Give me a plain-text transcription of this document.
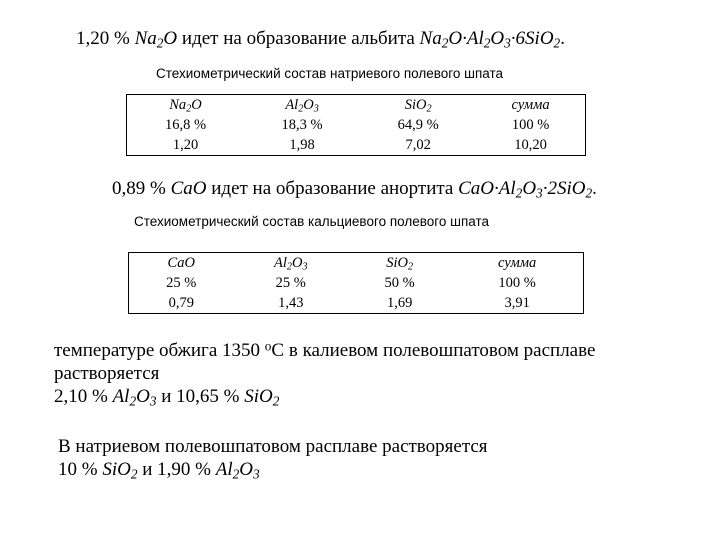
1,20 % $Na_2O$ идет на образование альбита $Na_2O\cdot Al_2O_3\cdot 6SiO_2$.
Стехиометрический состав натриевого полевого шпата
$Na_2O$	$Al_2O_3$	SiO$_2$	сумма
16,8 %	18,3 %	64,9 %	100 %
1,20	1,98	7,02	10,20
0,89 % CaO идет на образование анортита $CaO\cdot Al_2O_3\cdot 2SiO_2$.
Стехиометрический состав кальциевого полевого шпата
CaO	$Al_2O_3$	SiO$_2$	сумма
25 %	25 %	50 %	100 %
0,79	1,43	1,69	3,91
температуре обжига 1350 $^о$С в калиевом полевошпатовом расплаве
растворяется
2,10 % $Al_2O_3$ и 10,65 % SiO$_2$
В натриевом полевошпатовом расплаве растворяется
10 % SiO$_2$ и 1,90 % $Al_2O_3$
